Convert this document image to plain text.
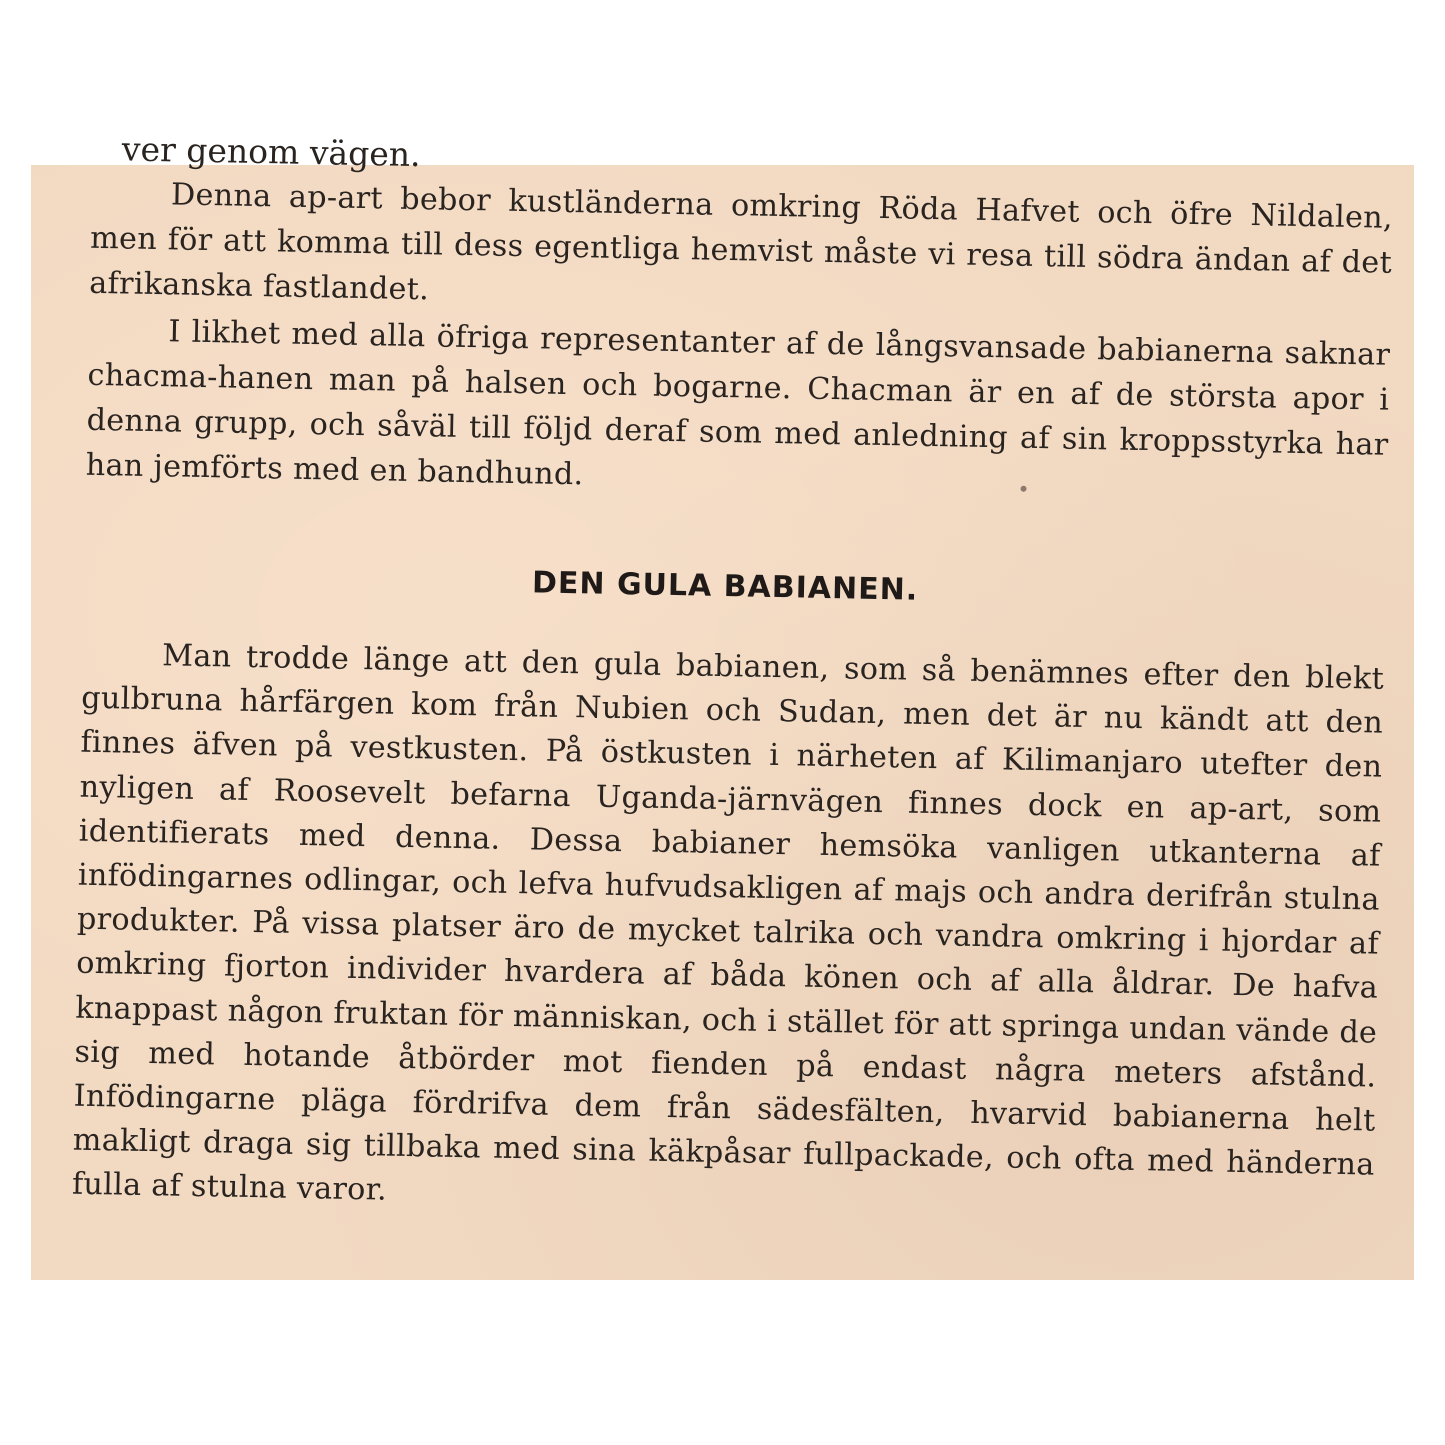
ver genom vägen.

Denna ap-art bebor kustländerna omkring Röda Hafvet och öfre Nildalen, men för att komma till dess egentliga hemvist måste vi resa till södra ändan af det afrikanska fastlandet.

I likhet med alla öfriga representanter af de långsvansade babianerna saknar chacma-hanen man på halsen och bogarne. Chacman är en af de största apor i denna grupp, och såväl till följd deraf som med anledning af sin kroppsstyrka har han jemförts med en bandhund.

DEN GULA BABIANEN.

Man trodde länge att den gula babianen, som så benämnes efter den blekt gulbruna hårfärgen kom från Nubien och Sudan, men det är nu kändt att den finnes äfven på vestkusten. På östkusten i närheten af Kilimanjaro utefter den nyligen af Roosevelt befarna Uganda-järnvägen finnes dock en ap-art, som identifierats med denna. Dessa babianer hemsöka vanligen utkanterna af infödingarnes odlingar, och lefva hufvudsakligen af majs och andra derifrån stulna produkter. På vissa platser äro de mycket talrika och vandra omkring i hjordar af omkring fjorton individer hvardera af båda könen och af alla åldrar. De hafva knappast någon fruktan för människan, och i stället för att springa undan vände de sig med hotande åtbörder mot fienden på endast några meters afstånd. Infödingarne pläga fördrifva dem från sädesfälten, hvarvid babianerna helt makligt draga sig tillbaka med sina käkpåsar fullpackade, och ofta med händerna fulla af stulna varor.
